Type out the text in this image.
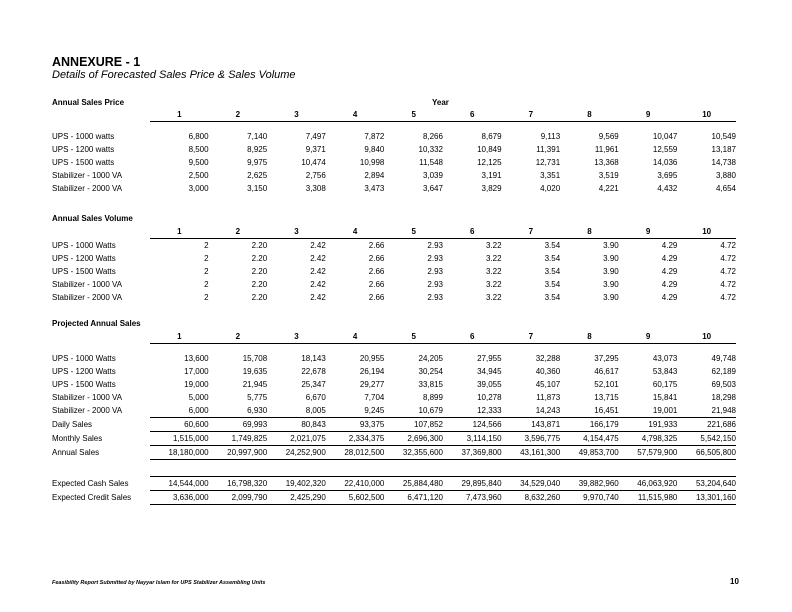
ANNEXURE - 1
Details of Forecasted Sales Price & Sales Volume
Annual Sales Price	Year
	1	2	3	4	5	6	7	8	9	10

UPS - 1000 watts	6,800	7,140	7,497	7,872	8,266	8,679	9,113	9,569	10,047	10,549
UPS - 1200 watts	8,500	8,925	9,371	9,840	10,332	10,849	11,391	11,961	12,559	13,187
UPS - 1500 watts	9,500	9,975	10,474	10,998	11,548	12,125	12,731	13,368	14,036	14,738
Stabilizer - 1000 VA	2,500	2,625	2,756	2,894	3,039	3,191	3,351	3,519	3,695	3,880
Stabilizer - 2000 VA	3,000	3,150	3,308	3,473	3,647	3,829	4,020	4,221	4,432	4,654
Annual Sales Volume
	1	2	3	4	5	6	7	8	9	10
UPS - 1000 Watts	2	2.20	2.42	2.66	2.93	3.22	3.54	3.90	4.29	4.72
UPS - 1200 Watts	2	2.20	2.42	2.66	2.93	3.22	3.54	3.90	4.29	4.72
UPS - 1500 Watts	2	2.20	2.42	2.66	2.93	3.22	3.54	3.90	4.29	4.72
Stabilizer - 1000 VA	2	2.20	2.42	2.66	2.93	3.22	3.54	3.90	4.29	4.72
Stabilizer - 2000 VA	2	2.20	2.42	2.66	2.93	3.22	3.54	3.90	4.29	4.72
Projected Annual Sales
	1	2	3	4	5	6	7	8	9	10

UPS - 1000 Watts	13,600	15,708	18,143	20,955	24,205	27,955	32,288	37,295	43,073	49,748
UPS - 1200 Watts	17,000	19,635	22,678	26,194	30,254	34,945	40,360	46,617	53,843	62,189
UPS - 1500 Watts	19,000	21,945	25,347	29,277	33,815	39,055	45,107	52,101	60,175	69,503
Stabilizer - 1000 VA	5,000	5,775	6,670	7,704	8,899	10,278	11,873	13,715	15,841	18,298
Stabilizer - 2000 VA	6,000	6,930	8,005	9,245	10,679	12,333	14,243	16,451	19,001	21,948
Daily Sales	60,600	69,993	80,843	93,375	107,852	124,566	143,871	166,179	191,933	221,686
Monthly Sales	1,515,000	1,749,825	2,021,075	2,334,375	2,696,300	3,114,150	3,596,775	4,154,475	4,798,325	5,542,150
Annual Sales	18,180,000	20,997,900	24,252,900	28,012,500	32,355,600	37,369,800	43,161,300	49,853,700	57,579,900	66,505,800

Expected Cash Sales	14,544,000	16,798,320	19,402,320	22,410,000	25,884,480	29,895,840	34,529,040	39,882,960	46,063,920	53,204,640
Expected Credit Sales	3,636,000	2,099,790	2,425,290	5,602,500	6,471,120	7,473,960	8,632,260	9,970,740	11,515,980	13,301,160
Feasibility Report Submitted by Nayyar Islam for UPS Stabilizer Assembling Units	10
